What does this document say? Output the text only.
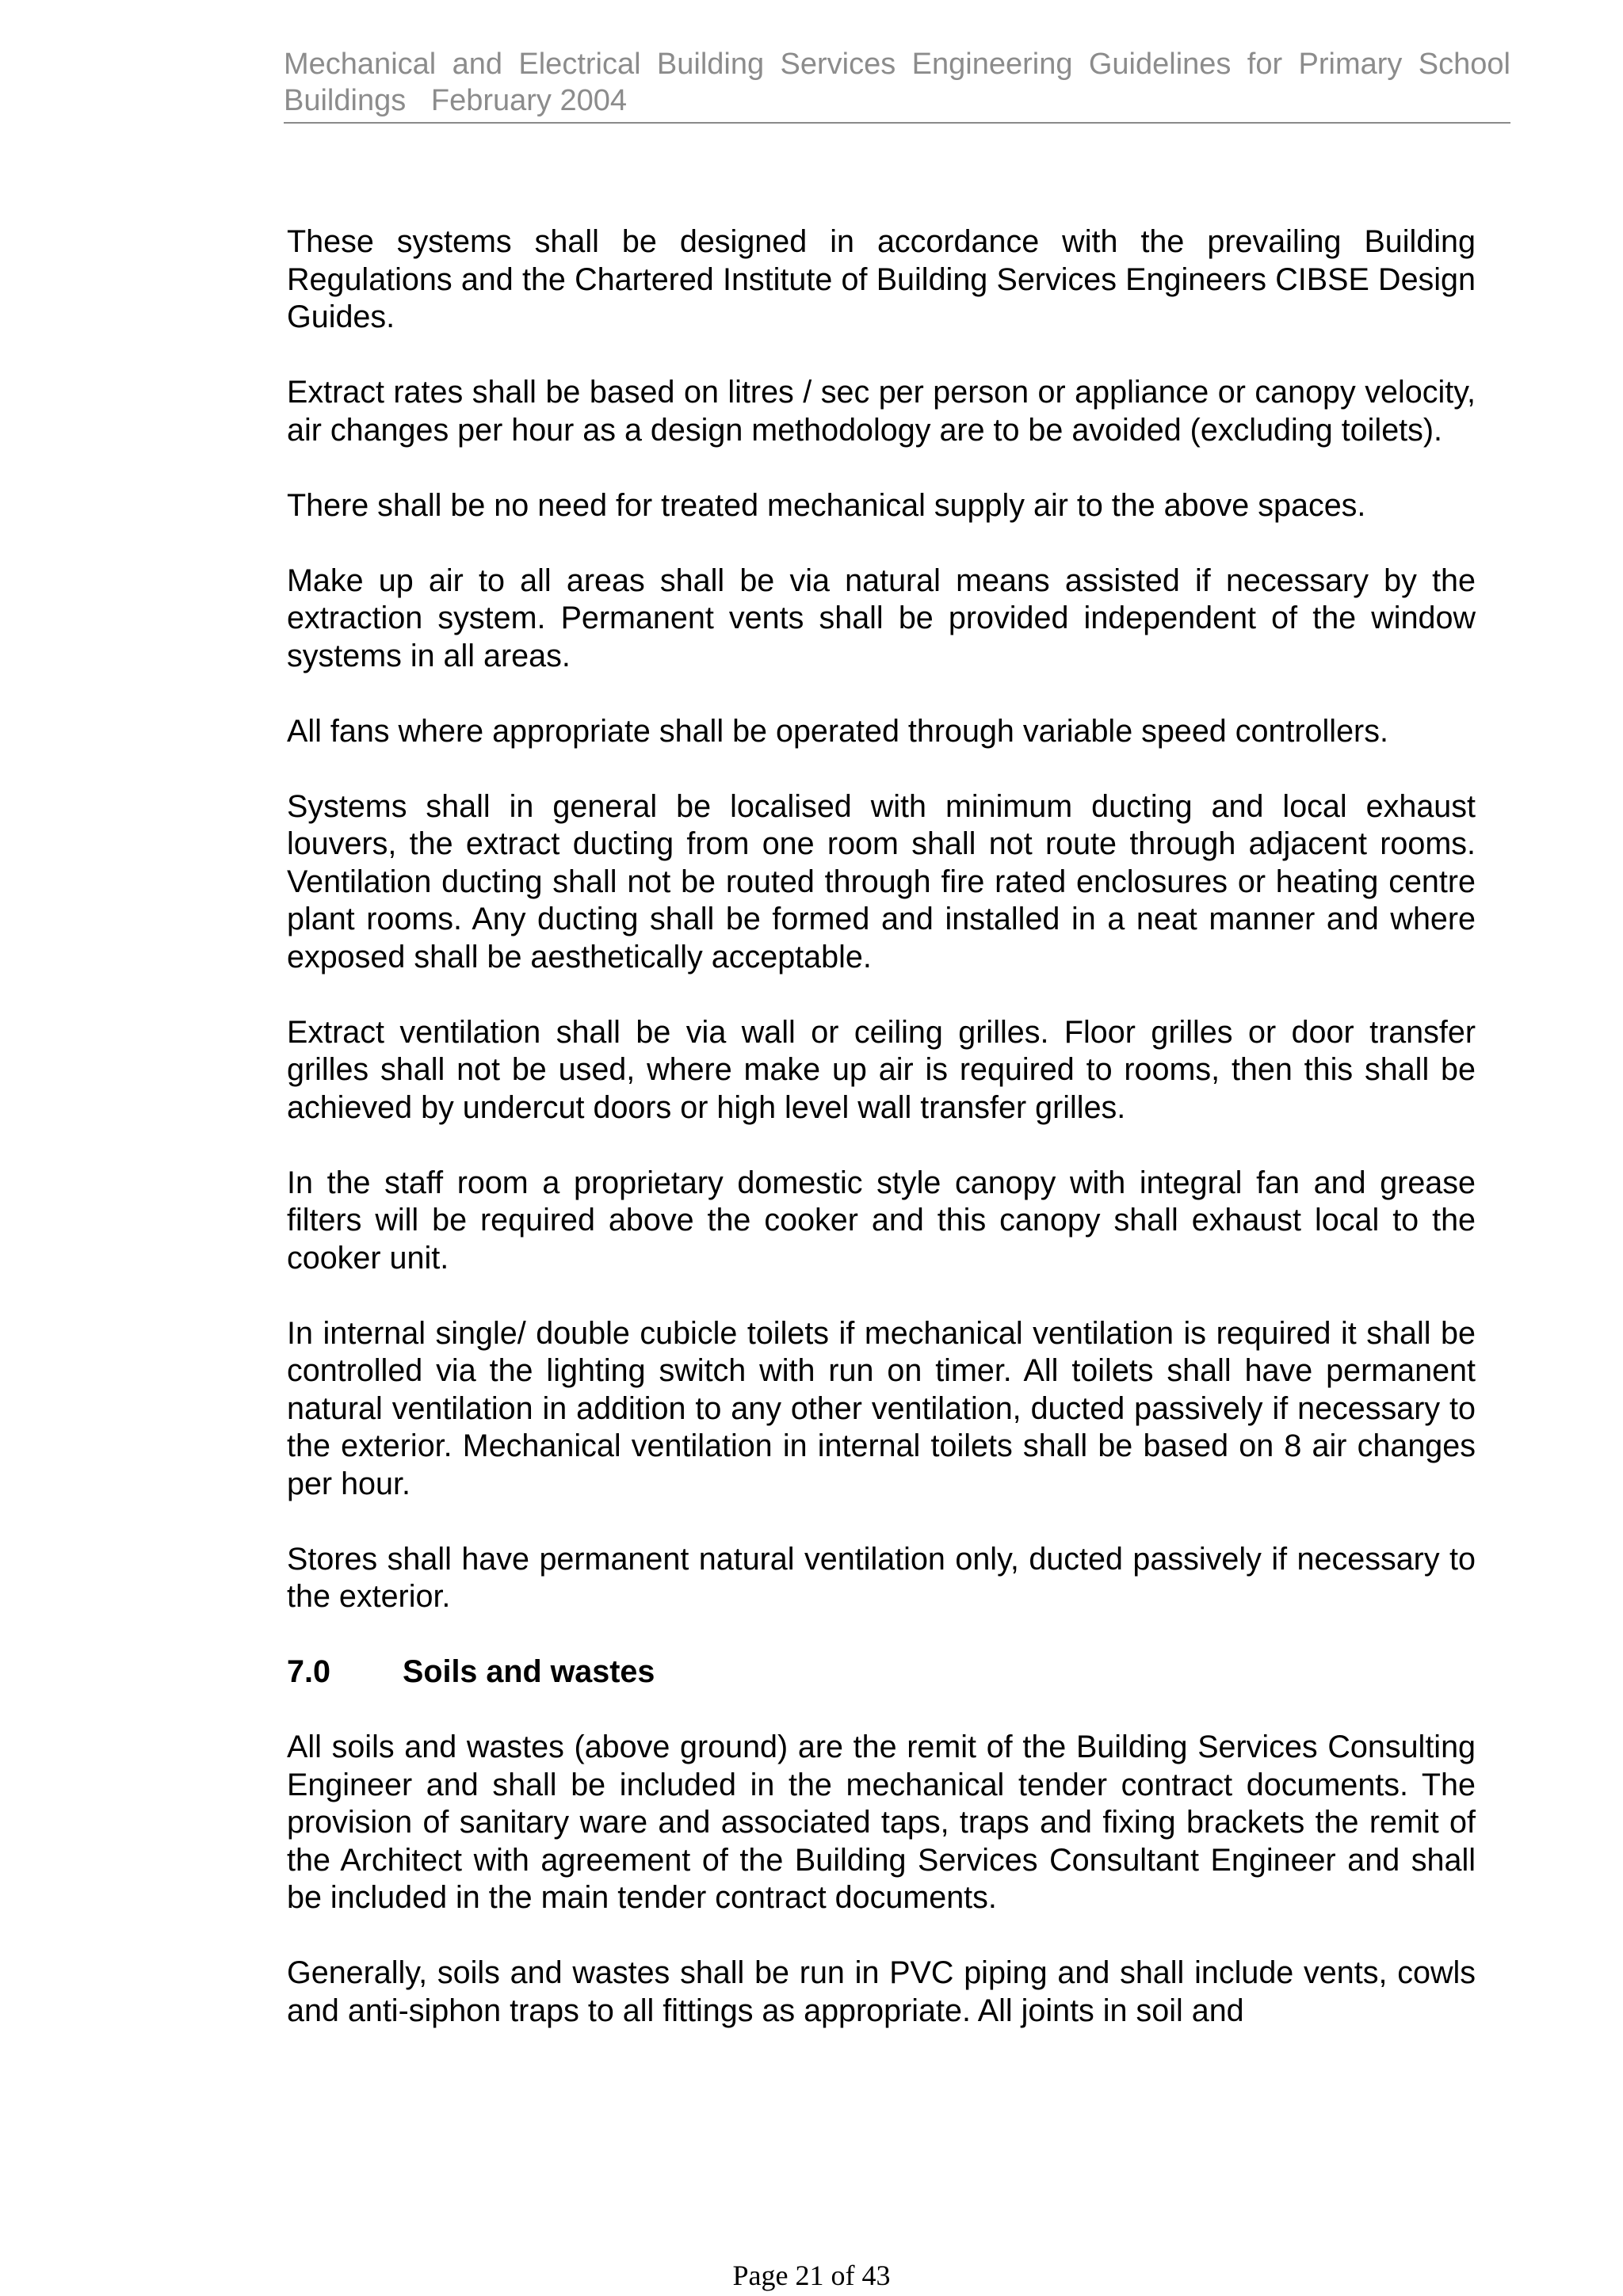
Mechanical and Electrical Building Services Engineering Guidelines for Primary School
Buildings   February 2004

These systems shall be designed in accordance with the prevailing Building Regulations and the Chartered Institute of Building Services Engineers CIBSE Design Guides.

Extract rates shall be based on litres / sec per person or appliance or canopy velocity, air changes per hour as a design methodology are to be avoided (excluding toilets).

There shall be no need for treated mechanical supply air to the above spaces.

Make up air to all areas shall be via natural means assisted if necessary by the extraction system. Permanent vents shall be provided independent of the window systems in all areas.

All fans where appropriate shall be operated through variable speed controllers.

Systems shall in general be localised with minimum ducting and local exhaust louvers, the extract ducting from one room shall not route through adjacent rooms. Ventilation ducting shall not be routed through fire rated enclosures or heating centre plant rooms. Any ducting shall be formed and installed in a neat manner and where exposed shall be aesthetically acceptable.

Extract ventilation shall be via wall or ceiling grilles. Floor grilles or door transfer grilles shall not be used, where make up air is required to rooms, then this shall be achieved by undercut doors or high level wall transfer grilles.

In the staff room a proprietary domestic style canopy with integral fan and grease filters will be required above the cooker and this canopy shall exhaust local to the cooker unit.

In internal single/ double cubicle toilets if mechanical ventilation is required it shall be controlled via the lighting switch with run on timer. All toilets shall have permanent natural ventilation in addition to any other ventilation, ducted passively if necessary to the exterior. Mechanical ventilation in internal toilets shall be based on 8 air changes per hour.

Stores shall have permanent natural ventilation only, ducted passively if necessary to the exterior.

7.0	Soils and wastes

All soils and wastes (above ground) are the remit of the Building Services Consulting Engineer and shall be included in the mechanical tender contract documents. The provision of sanitary ware and associated taps, traps and fixing brackets the remit of the Architect with agreement of the Building Services Consultant Engineer and shall be included in the main tender contract documents.

Generally, soils and wastes shall be run in PVC piping and shall include vents, cowls and anti-siphon traps to all fittings as appropriate. All joints in soil and

Page 21 of 43
